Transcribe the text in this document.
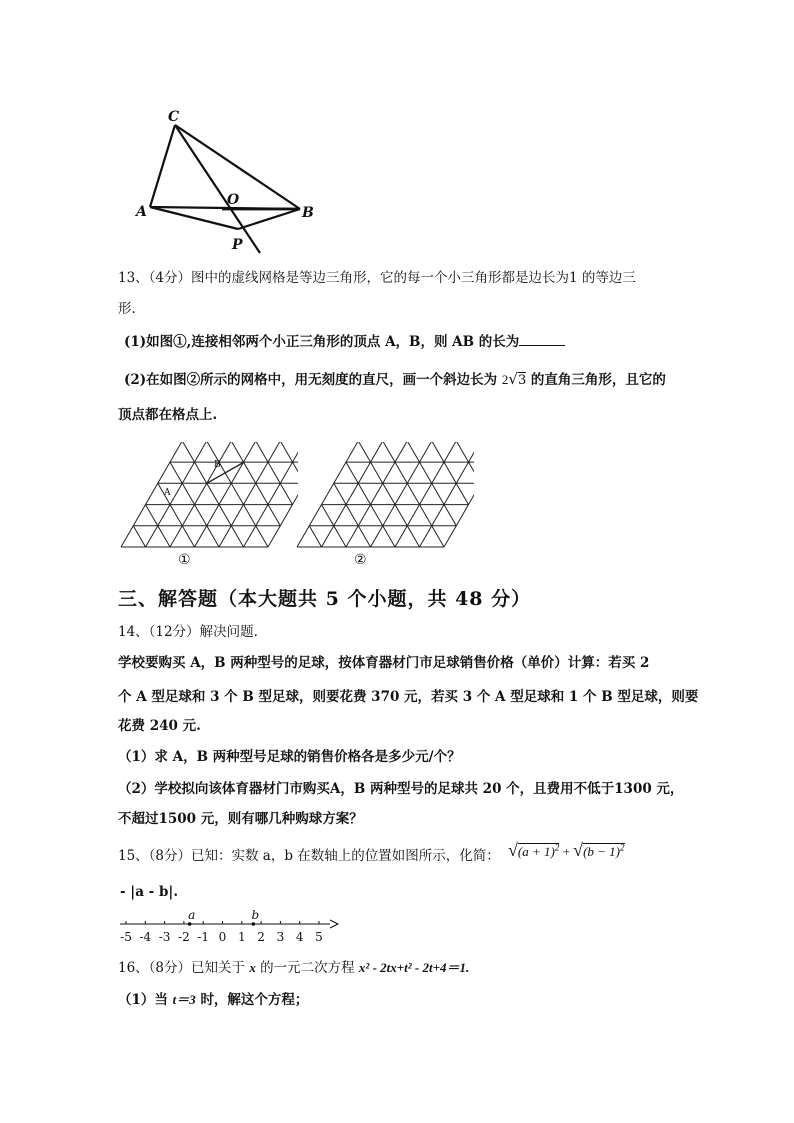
C
O
A	B
P
13、（4分）图中的虚线网格是等边三角形，它的每一个小三角形都是边长为1 的等边三
形.
(1)如图①,连接相邻两个小正三角形的顶点 A，B，则 AB 的长为
(2)在如图②所示的网格中，用无刻度的直尺，画一个斜边长为 2√3 的直角三角形，且它的
顶点都在格点上.
B
A
①	②
三、解答题（本大题共 5 个小题，共 48 分）
14、（12分）解决问题.
学校要购买 A，B 两种型号的足球，按体育器材门市足球销售价格（单价）计算：若买 2
个 A 型足球和 3 个 B 型足球，则要花费 370 元，若买 3 个 A 型足球和 1 个 B 型足球，则要
花费 240 元.
（1）求 A，B 两种型号足球的销售价格各是多少元/个？
（2）学校拟向该体育器材门市购买A，B 两种型号的足球共 20 个，且费用不低于1300 元，
不超过1500 元，则有哪几种购球方案？
15、（8分）已知：实数 a，b 在数轴上的位置如图所示，化简： $√(a + 1)^2 + √(b - 1)^2$
- |a - b|.
-5 -4 -3 -2 -1 0 1 2 3 4 5
a	b
16、（8分）已知关于 x 的一元二次方程 x² - 2tx+t² - 2t+4＝1.
（1）当 t＝3 时，解这个方程；
